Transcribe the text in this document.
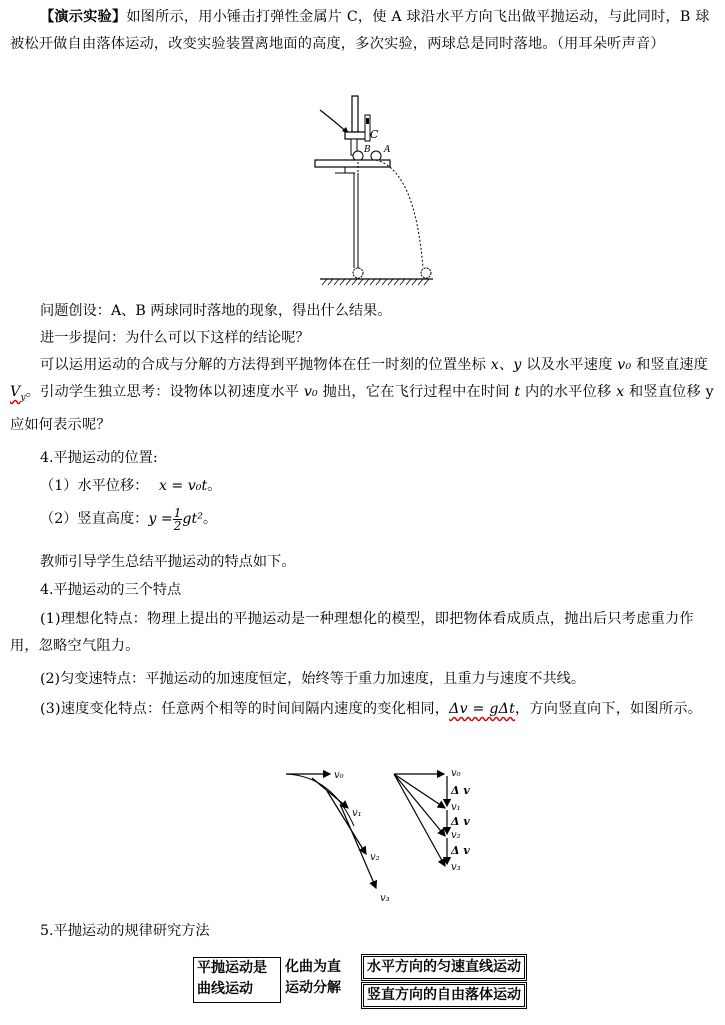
【演示实验】如图所示，用小锤击打弹性金属片 C，使 A 球沿水平方向飞出做平抛运动，与此同时，B 球被松开做自由落体运动，改变实验装置离地面的高度，多次实验，两球总是同时落地。（用耳朵听声音）
C
B A
问题创设：A、B 两球同时落地的现象，得出什么结果。
进一步提问：为什么可以下这样的结论呢？
可以运用运动的合成与分解的方法得到平抛物体在任一时刻的位置坐标 x、y 以及水平速度 v₀ 和竖直速度 $V_y$。引动学生独立思考：设物体以初速度水平 v₀ 抛出，它在飞行过程中在时间 t 内的水平位移 x 和竖直位移 y 应如何表示呢？
4.平抛运动的位置:
（1）水平位移： x = v₀t。
（2）竖直高度：$y = \frac{1}{2} gt^2$。
教师引导学生总结平抛运动的特点如下。
4.平抛运动的三个特点
(1)理想化特点：物理上提出的平抛运动是一种理想化的模型，即把物体看成质点，抛出后只考虑重力作用，忽略空气阻力。
(2)匀变速特点：平抛运动的加速度恒定，始终等于重力加速度，且重力与速度不共线。
(3)速度变化特点：任意两个相等的时间间隔内速度的变化相同，Δv = gΔt，方向竖直向下，如图所示。
v₀
v₁
v₂
v₃
v₀
Δ v
v₁
Δ v
v₂
Δ v
v₃
5.平抛运动的规律研究方法
平抛运动是
曲线运动
化曲为直
运动分解
水平方向的匀速直线运动
竖直方向的自由落体运动
